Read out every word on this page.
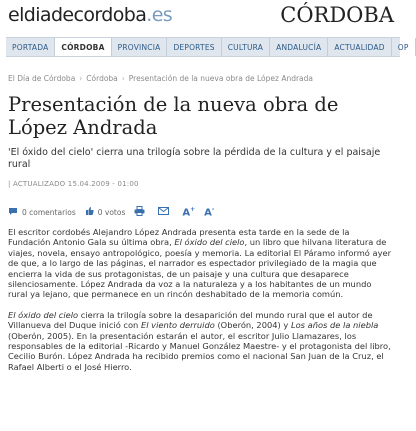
eldiadecordoba.es	CÓRDOBA
PORTADA	CÓRDOBA	PROVINCIA	DEPORTES	CULTURA	ANDALUCÍA	ACTUALIDAD	OP
El Día de Córdoba › Córdoba › Presentación de la nueva obra de López Andrada
Presentación de la nueva obra de López Andrada

'El óxido del cielo' cierra una trilogía sobre la pérdida de la cultura y el paisaje rural

| ACTUALIZADO 15.04.2009 - 01:00
0 comentarios	0 votos	A+ A-

El escritor cordobés Alejandro López Andrada presenta esta tarde en la sede de la Fundación Antonio Gala su última obra, El óxido del cielo, un libro que hilvana literatura de viajes, novela, ensayo antropológico, poesía y memoria. La editorial El Páramo informó ayer de que, a lo largo de las páginas, el narrador es espectador privilegiado de la magia que encierra la vida de sus protagonistas, de un paisaje y una cultura que desaparece silenciosamente. López Andrada da voz a la naturaleza y a los habitantes de un mundo rural ya lejano, que permanece en un rincón deshabitado de la memoria común.

El óxido del cielo cierra la trilogía sobre la desaparición del mundo rural que el autor de Villanueva del Duque inició con El viento derruido (Oberón, 2004) y Los años de la niebla (Oberón, 2005). En la presentación estarán el autor, el escritor Julio Llamazares, los responsables de la editorial -Ricardo y Manuel González Maestre- y el protagonista del libro, Cecilio Burón. López Andrada ha recibido premios como el nacional San Juan de la Cruz, el Rafael Alberti o el José Hierro.
